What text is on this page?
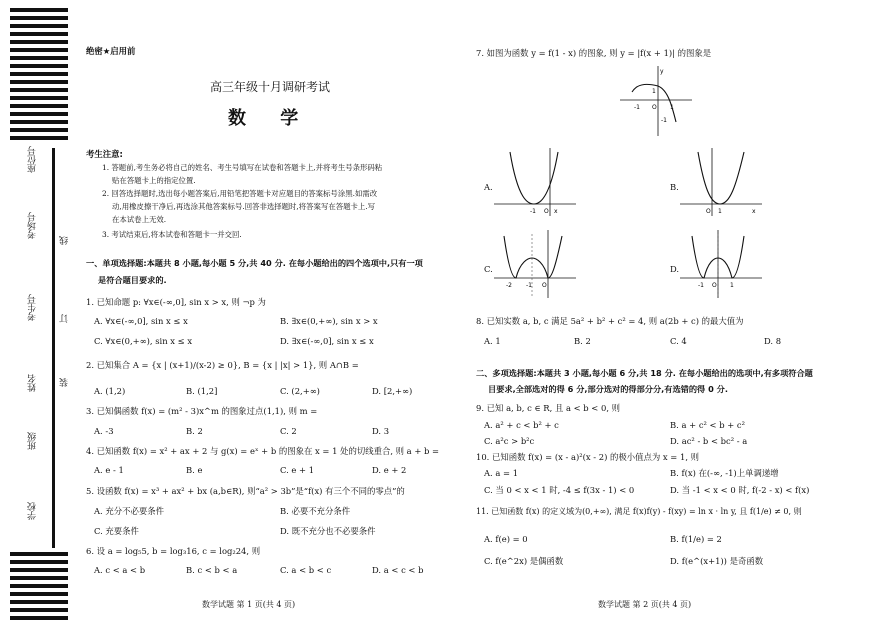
座位号
考场号
考生号
姓名
班级
学校
线
订
装
绝密★启用前
高三年级十月调研考试
数 学
考生注意:
1. 答题前,考生务必将自己的姓名、考生号填写在试卷和答题卡上,并将考生号条形码粘
贴在答题卡上的指定位置.
2. 回答选择题时,选出每小题答案后,用铅笔把答题卡对应题目的答案标号涂黑.如需改
动,用橡皮擦干净后,再选涂其他答案标号.回答非选择题时,将答案写在答题卡上.写
在本试卷上无效.
3. 考试结束后,将本试卷和答题卡一并交回.
一、单项选择题:本题共 8 小题,每小题 5 分,共 40 分. 在每小题给出的四个选项中,只有一项
是符合题目要求的.
1. 已知命题 p: ∀x∈(-∞,0], sin x > x, 则 ¬p 为
A. ∀x∈(-∞,0], sin x ≤ x	B. ∃x∈(0,+∞), sin x > x
C. ∀x∈(0,+∞), sin x ≤ x	D. ∃x∈(-∞,0], sin x ≤ x
2. 已知集合 A = {x | (x+1)/(x-2) ≥ 0}, B = {x | |x| > 1}, 则 A∩B =
A. (1,2)	B. (1,2]	C. (2,+∞)	D. [2,+∞)
3. 已知偶函数 f(x) = (m² - 3)x^m 的图象过点(1,1), 则 m =
A. -3	B. 2	C. 2	D. 3
4. 已知函数 f(x) = x² + ax + 2 与 g(x) = eˣ + b 的图象在 x = 1 处的切线重合, 则 a + b =
A. e - 1	B. e	C. e + 1	D. e + 2
5. 设函数 f(x) = x³ + ax² + bx (a,b∈R), 则“a² > 3b”是“f(x) 有三个不同的零点”的
A. 充分不必要条件	B. 必要不充分条件
C. 充要条件	D. 既不充分也不必要条件
6. 设 a = log₅5, b = log₃16, c = log₂24, 则
A. c < a < b	B. c < b < a	C. a < b < c	D. a < c < b
数学试题 第 1 页(共 4 页)
7. 如图为函数 y = f(1 - x) 的图象, 则 y = |f(x + 1)| 的图象是
y
1
-1 O 1
-1
A.
-1 O x
B.
O 1	x
C.
-2 -1 O
D.
-1 O 1
8. 已知实数 a, b, c 满足 5a² + b² + c² = 4, 则 a(2b + c) 的最大值为
A. 1	B. 2	C. 4	D. 8
二、多项选择题:本题共 3 小题,每小题 6 分,共 18 分. 在每小题给出的选项中,有多项符合题
目要求,全部选对的得 6 分,部分选对的得部分分,有选错的得 0 分.
9. 已知 a, b, c ∈ R, 且 a < b < 0, 则
A. a² + c < b² + c	B. a + c² < b + c²
C. a²c > b²c	D. ac² - b < bc² - a
10. 已知函数 f(x) = (x - a)²(x - 2) 的极小值点为 x = 1, 则
A. a = 1	B. f(x) 在(-∞, -1)上单调递增
C. 当 0 < x < 1 时, -4 ≤ f(3x - 1) < 0	D. 当 -1 < x < 0 时, f(-2 - x) < f(x)
11. 已知函数 f(x) 的定义域为(0,+∞), 满足 f(x)f(y) - f(xy) = ln x · ln y, 且 f(1/e) ≠ 0, 则
A. f(e) = 0	B. f(1/e) = 2
C. f(e^2x) 是偶函数	D. f(e^(x+1)) 是奇函数
数学试题 第 2 页(共 4 页)
